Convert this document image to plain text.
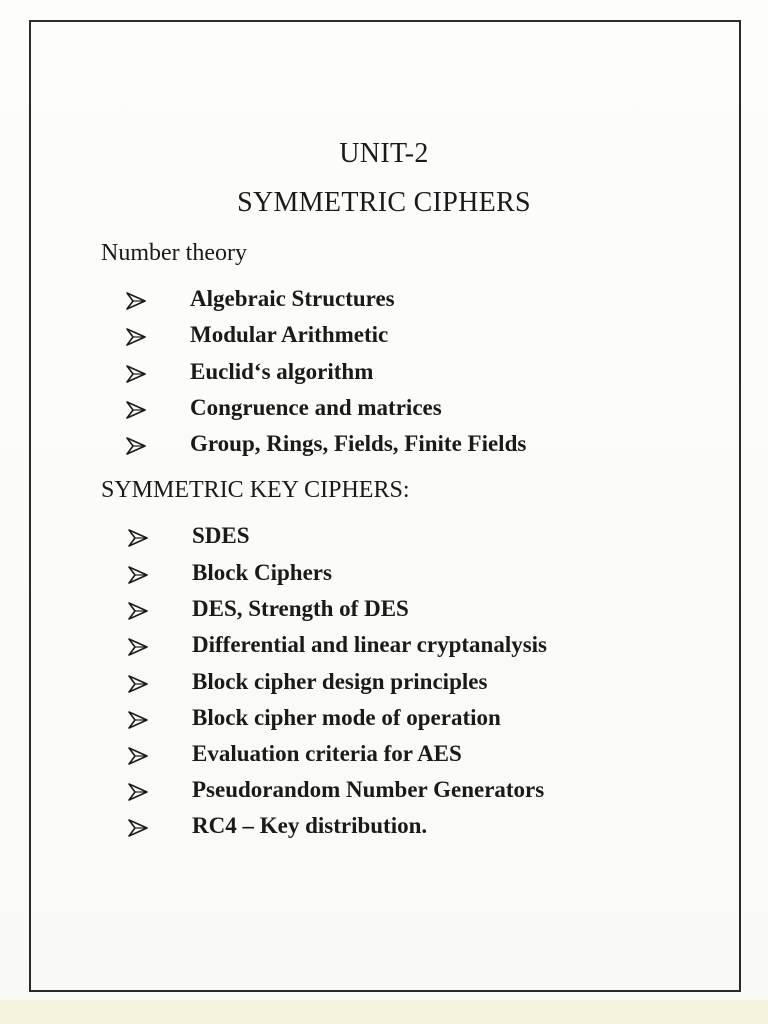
UNIT-2
SYMMETRIC CIPHERS
Number theory
Algebraic Structures
Modular Arithmetic
Euclid‘s algorithm
Congruence and matrices
Group, Rings, Fields, Finite Fields
SYMMETRIC KEY CIPHERS:
SDES
Block Ciphers
DES, Strength of DES
Differential and linear cryptanalysis
Block cipher design principles
Block cipher mode of operation
Evaluation criteria for AES
Pseudorandom Number Generators
RC4 – Key distribution.
